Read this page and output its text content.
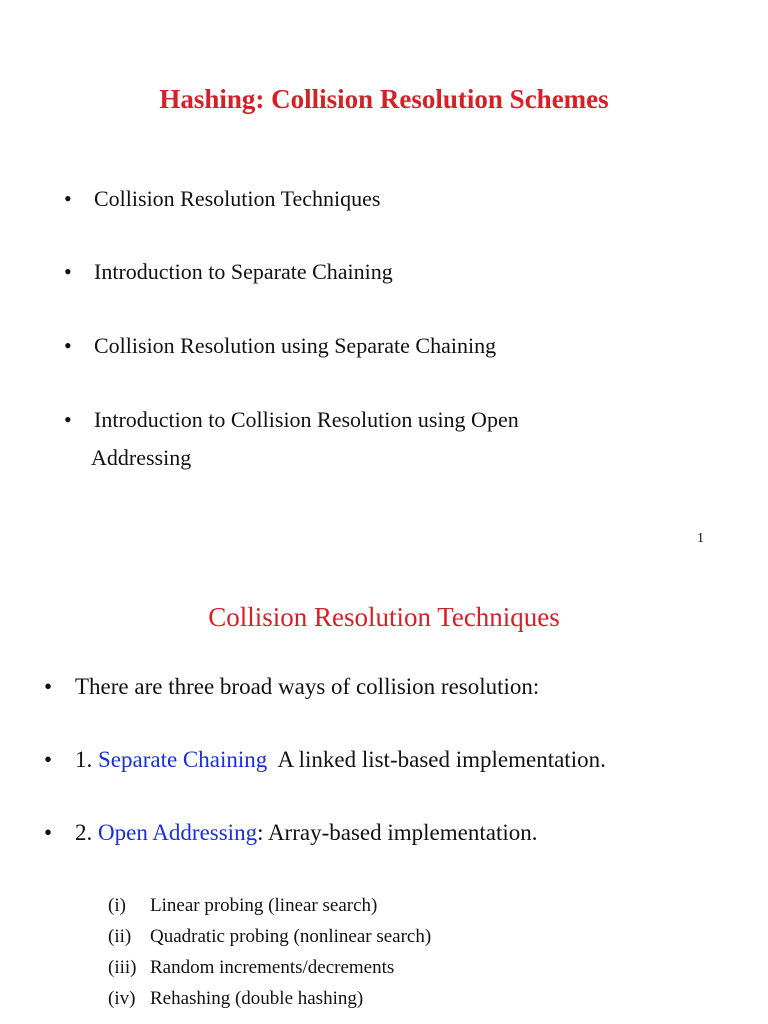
Hashing: Collision Resolution Schemes
• Collision Resolution Techniques
• Introduction to Separate Chaining
• Collision Resolution using Separate Chaining
• Introduction to Collision Resolution using Open
Addressing
1
Collision Resolution Techniques
• There are three broad ways of collision resolution:
• 1. Separate Chaining  A linked list-based implementation.
• 2. Open Addressing: Array-based implementation.
(i) Linear probing (linear search)
(ii) Quadratic probing (nonlinear search)
(iii) Random increments/decrements
(iv) Rehashing (double hashing)
